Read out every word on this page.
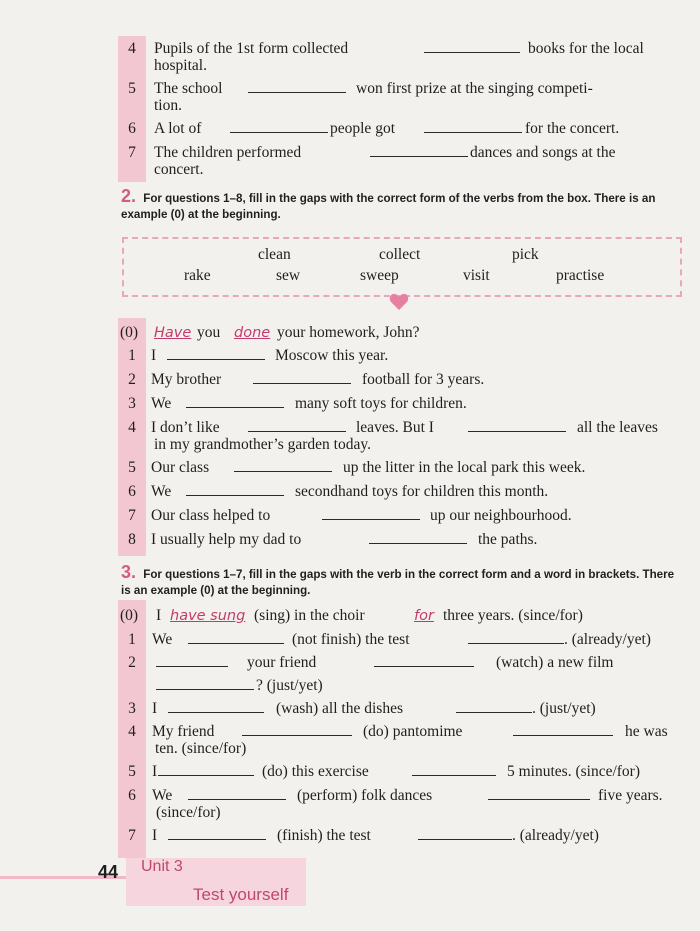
4 Pupils of the 1st form collected	books for the local
hospital.
5 The school	won first prize at the singing competi-
tion.
6 A lot of	people got	for the concert.
7 The children performed	dances and songs at the
concert.
2. For questions 1–8, fill in the gaps with the correct form of the verbs from the box. There is an example (0) at the beginning.
clean	collect	pick
rake	sew	sweep	visit	practise
(0) Have you done your homework, John?
1 I	Moscow this year.
2 My brother	football for 3 years.
3 We	many soft toys for children.
4 I don’t like	leaves. But I	all the leaves
in my grandmother’s garden today.
5 Our class	up the litter in the local park this week.
6 We	secondhand toys for children this month.
7 Our class helped to	up our neighbourhood.
8 I usually help my dad to	the paths.
3. For questions 1–7, fill in the gaps with the verb in the correct form and a word in brackets. There is an example (0) at the beginning.
(0) I have sung (sing) in the choir	for three years. (since/for)
1 We	(not finish) the test	. (already/yet)
2	your friend	(watch) a new film
? (just/yet)
3 I	(wash) all the dishes	. (just/yet)
4 My friend	(do) pantomime	he was
ten. (since/for)
5 I	(do) this exercise	5 minutes. (since/for)
6 We	(perform) folk dances	five years.
(since/for)
7 I	(finish) the test	. (already/yet)
44 Unit 3
Test yourself
